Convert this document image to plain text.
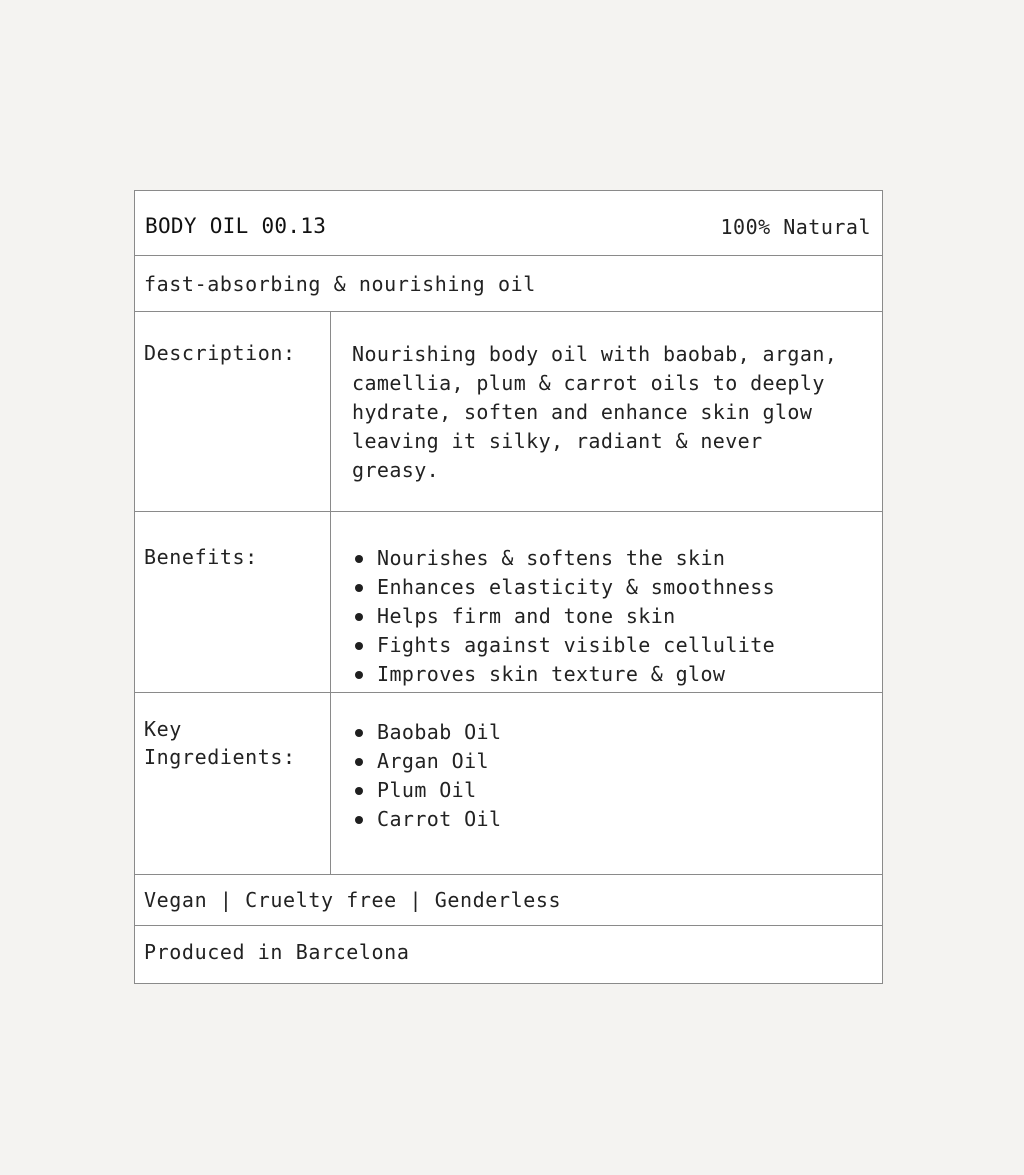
BODY OIL 00.13	100% Natural
fast-absorbing & nourishing oil
Description:	Nourishing body oil with baobab, argan,
camellia, plum & carrot oils to deeply
hydrate, soften and enhance skin glow
leaving it silky, radiant & never
greasy.
Benefits:	Nourishes & softens the skin
Enhances elasticity & smoothness
Helps firm and tone skin
Fights against visible cellulite
Improves skin texture & glow
Key
Ingredients:
Baobab Oil
Argan Oil
Plum Oil
Carrot Oil
Vegan | Cruelty free | Genderless
Produced in Barcelona
